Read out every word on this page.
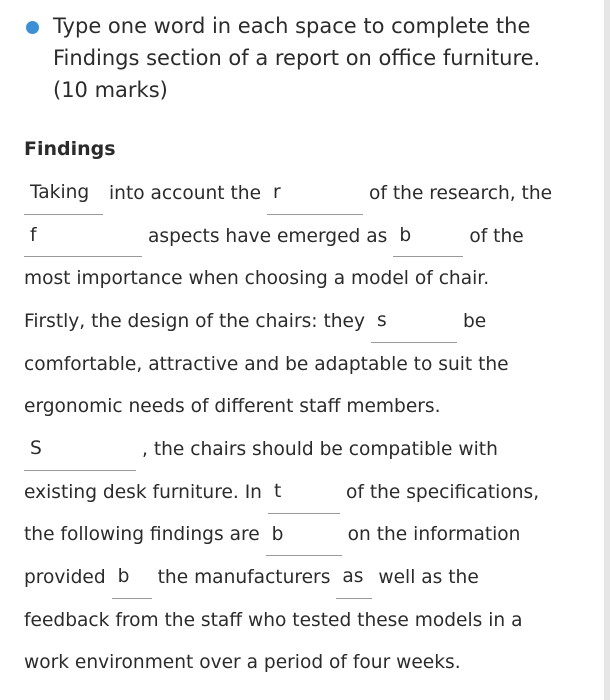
Type one word in each space to complete the
Findings section of a report on office furniture.
(10 marks)
Findings
Taking	into account the r	of the research, the
f	aspects have emerged as b	of the
most importance when choosing a model of chair.
Firstly, the design of the chairs: they s	be
comfortable, attractive and be adaptable to suit the
ergonomic needs of different staff members.
S	, the chairs should be compatible with
existing desk furniture. In t	of the specifications,
the following findings are b	on the information
provided b	the manufacturers as well as the
feedback from the staff who tested these models in a
work environment over a period of four weeks.
